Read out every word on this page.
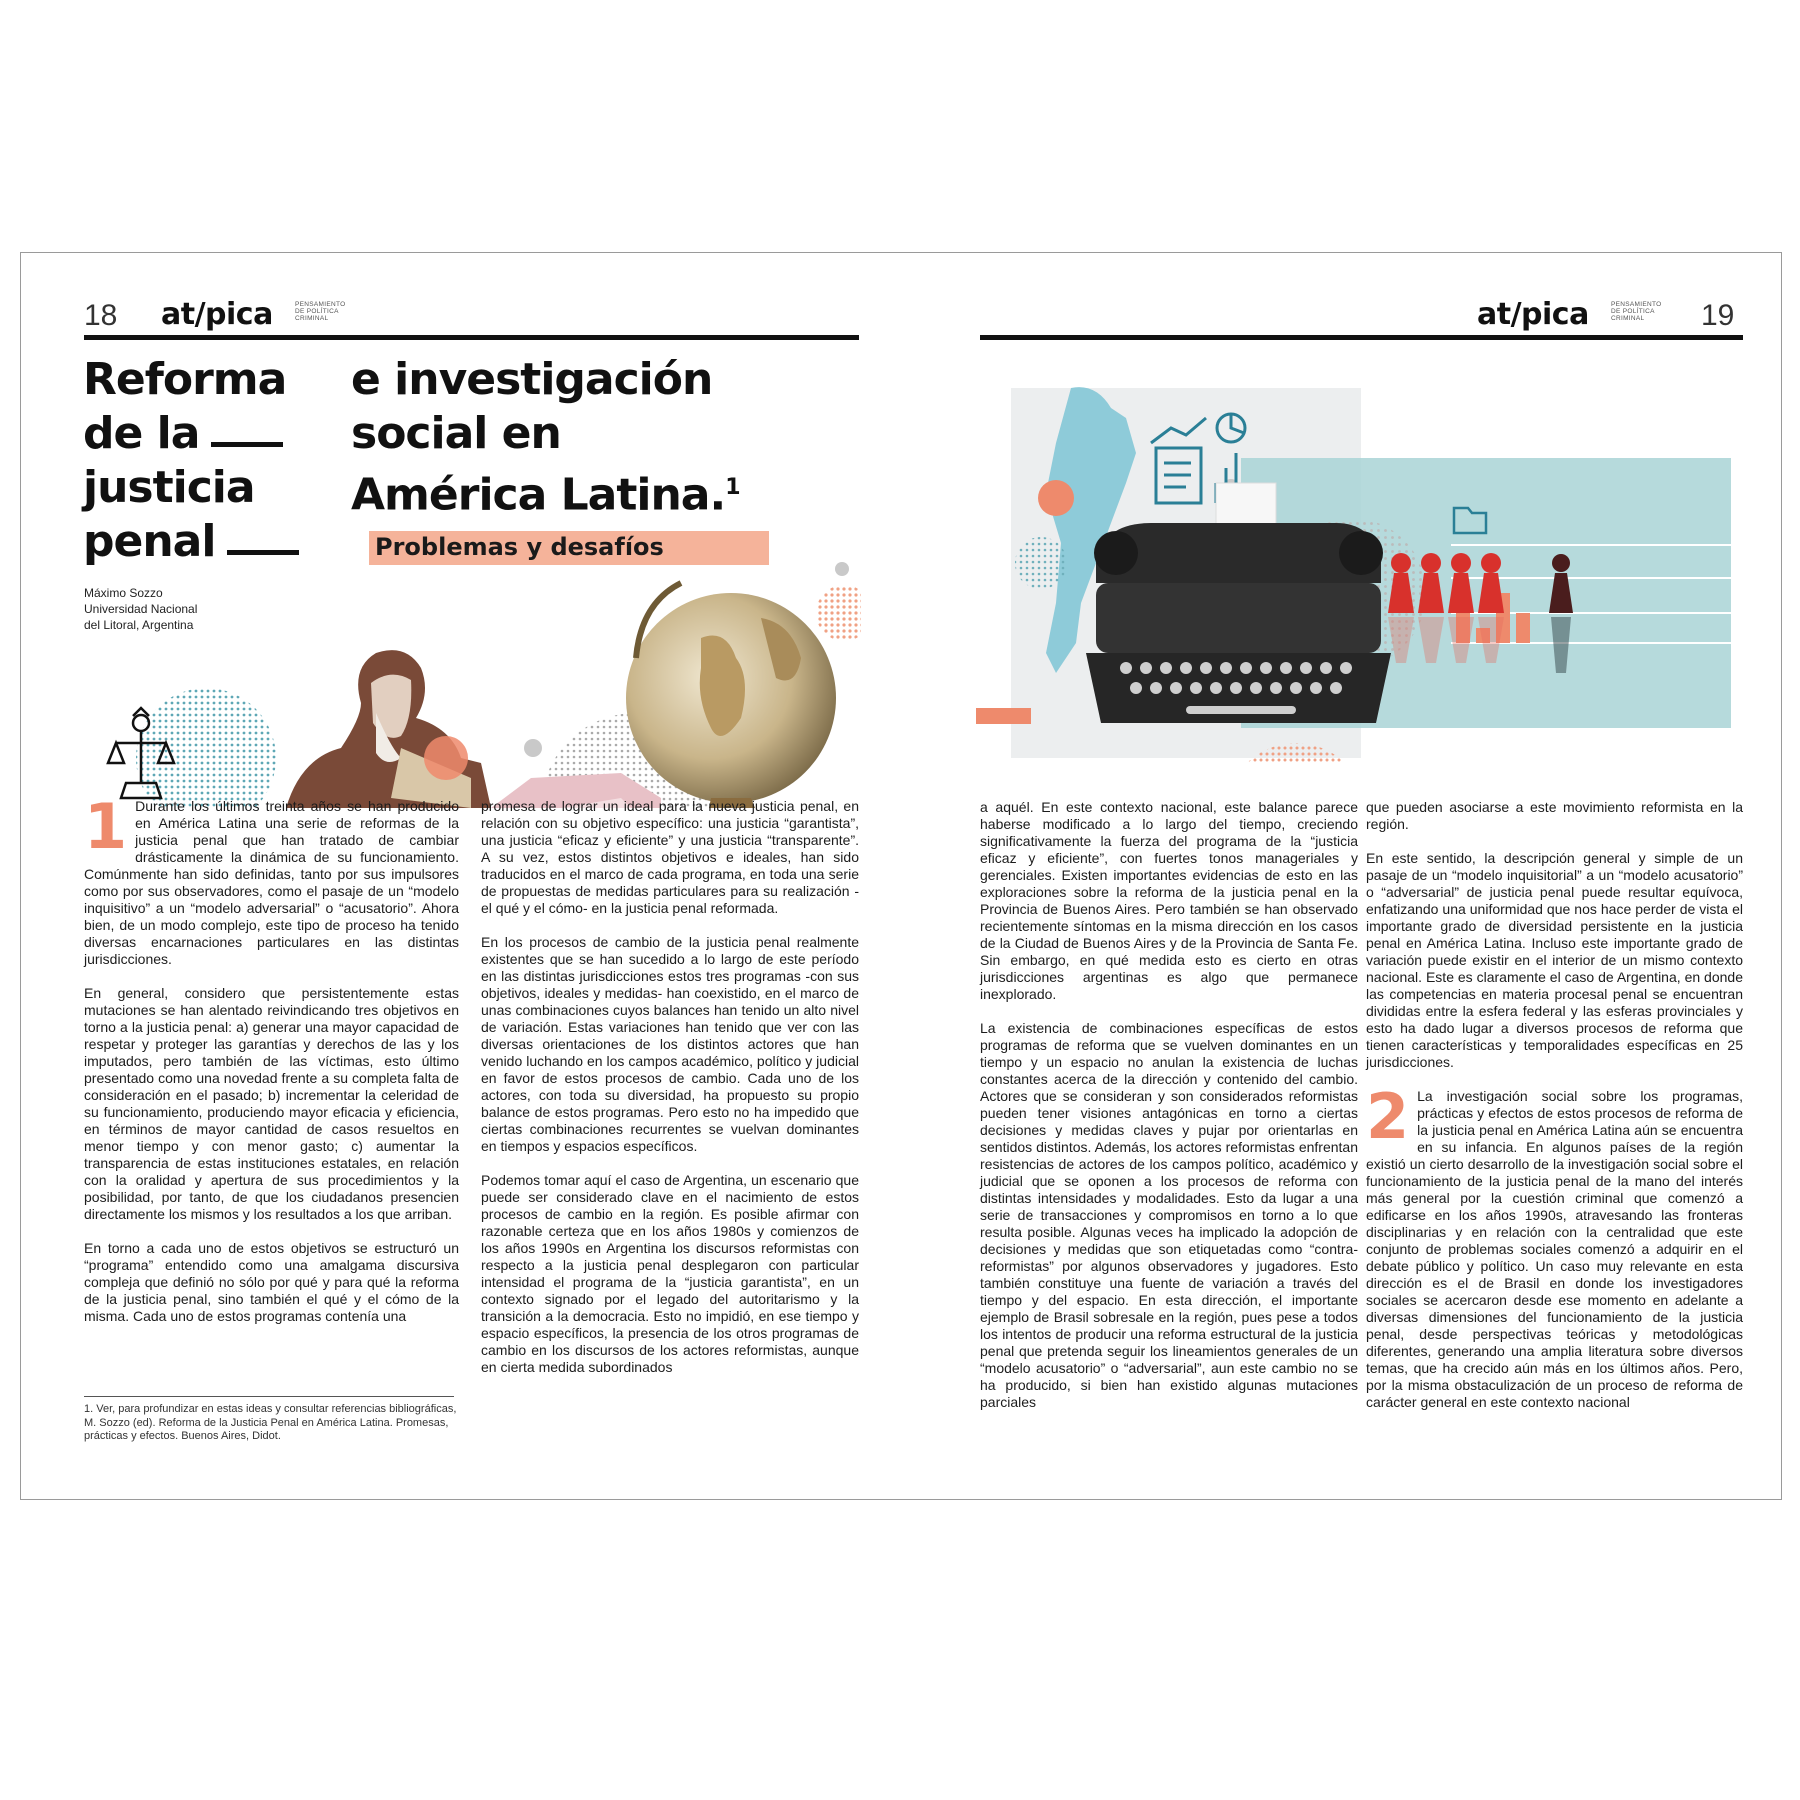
18 at/pica	PENSAMIENTO
DE POLÍTICA
CRIMINAL
Reforma
de la
justicia
penal
e investigación
social en
América Latina.$^1$
Problemas y desafíos
Máximo Sozzo
Universidad Nacional
del Litoral, Argentina

1 Durante los últimos treinta años se han producido en América Latina una serie de reformas de la justicia penal que han tratado de cambiar drásticamente la dinámica de su funcionamiento. Comúnmente han sido definidas, tanto por sus impulsores como por sus observadores, como el pasaje de un “modelo inquisitivo” a un “modelo adversarial” o “acusatorio”. Ahora bien, de un modo complejo, este tipo de proceso ha tenido diversas encarnaciones particulares en las distintas jurisdicciones.

En general, considero que persistentemente estas mutaciones se han alentado reivindicando tres objetivos en torno a la justicia penal: a) generar una mayor capacidad de respetar y proteger las garantías y derechos de las y los imputados, pero también de las víctimas, esto último presentado como una novedad frente a su completa falta de consideración en el pasado; b) incrementar la celeridad de su funcionamiento, produciendo mayor eficacia y eficiencia, en términos de mayor cantidad de casos resueltos en menor tiempo y con menor gasto; c) aumentar la transparencia de estas instituciones estatales, en relación con la oralidad y apertura de sus procedimientos y la posibilidad, por tanto, de que los ciudadanos presencien directamente los mismos y los resultados a los que arriban.

En torno a cada uno de estos objetivos se estructuró un “programa” entendido como una amalgama discursiva compleja que definió no sólo por qué y para qué la reforma de la justicia penal, sino también el qué y el cómo de la misma. Cada uno de estos programas contenía una

1. Ver, para profundizar en estas ideas y consultar referencias bibliográficas, M. Sozzo (ed). Reforma de la Justicia Penal en América Latina. Promesas, prácticas y efectos. Buenos Aires, Didot.

promesa de lograr un ideal para la nueva justicia penal, en relación con su objetivo específico: una justicia “garantista”, una justicia “eficaz y eficiente” y una justicia “transparente”. A su vez, estos distintos objetivos e ideales, han sido traducidos en el marco de cada programa, en toda una serie de propuestas de medidas particulares para su realización -el qué y el cómo- en la justicia penal reformada.

En los procesos de cambio de la justicia penal realmente existentes que se han sucedido a lo largo de este período en las distintas jurisdicciones estos tres programas -con sus objetivos, ideales y medidas- han coexistido, en el marco de unas combinaciones cuyos balances han tenido un alto nivel de variación. Estas variaciones han tenido que ver con las diversas orientaciones de los distintos actores que han venido luchando en los campos académico, político y judicial en favor de estos procesos de cambio. Cada uno de los actores, con toda su diversidad, ha propuesto su propio balance de estos programas. Pero esto no ha impedido que ciertas combinaciones recurrentes se vuelvan dominantes en tiempos y espacios específicos.

Podemos tomar aquí el caso de Argentina, un escenario que puede ser considerado clave en el nacimiento de estos procesos de cambio en la región. Es posible afirmar con razonable certeza que en los años 1980s y comienzos de los años 1990s en Argentina los discursos reformistas con respecto a la justicia penal desplegaron con particular intensidad el programa de la “justicia garantista”, en un contexto signado por el legado del autoritarismo y la transición a la democracia. Esto no impidió, en ese tiempo y espacio específicos, la presencia de los otros programas de cambio en los discursos de los actores reformistas, aunque en cierta medida subordinados

at/pica	PENSAMIENTO
DE POLÍTICA
CRIMINAL	19

a aquél. En este contexto nacional, este balance parece haberse modificado a lo largo del tiempo, creciendo significativamente la fuerza del programa de la “justicia eficaz y eficiente”, con fuertes tonos manageriales y gerenciales. Existen importantes evidencias de esto en las exploraciones sobre la reforma de la justicia penal en la Provincia de Buenos Aires. Pero también se han observado recientemente síntomas en la misma dirección en los casos de la Ciudad de Buenos Aires y de la Provincia de Santa Fe. Sin embargo, en qué medida esto es cierto en otras jurisdicciones argentinas es algo que permanece inexplorado.

La existencia de combinaciones específicas de estos programas de reforma que se vuelven dominantes en un tiempo y un espacio no anulan la existencia de luchas constantes acerca de la dirección y contenido del cambio. Actores que se consideran y son considerados reformistas pueden tener visiones antagónicas en torno a ciertas decisiones y medidas claves y pujar por orientarlas en sentidos distintos. Además, los actores reformistas enfrentan resistencias de actores de los campos político, académico y judicial que se oponen a los procesos de reforma con distintas intensidades y modalidades. Esto da lugar a una serie de transacciones y compromisos en torno a lo que resulta posible. Algunas veces ha implicado la adopción de decisiones y medidas que son etiquetadas como “contra-reformistas” por algunos observadores y jugadores. Esto también constituye una fuente de variación a través del tiempo y del espacio. En esta dirección, el importante ejemplo de Brasil sobresale en la región, pues pese a todos los intentos de producir una reforma estructural de la justicia penal que pretenda seguir los lineamientos generales de un “modelo acusatorio” o “adversarial”, aun este cambio no se ha producido, si bien han existido algunas mutaciones parciales

que pueden asociarse a este movimiento reformista en la región.

En este sentido, la descripción general y simple de un pasaje de un “modelo inquisitorial” a un “modelo acusatorio” o “adversarial” de justicia penal puede resultar equívoca, enfatizando una uniformidad que nos hace perder de vista el importante grado de diversidad persistente en la justicia penal en América Latina. Incluso este importante grado de variación puede existir en el interior de un mismo contexto nacional. Este es claramente el caso de Argentina, en donde las competencias en materia procesal penal se encuentran divididas entre la esfera federal y las esferas provinciales y esto ha dado lugar a diversos procesos de reforma que tienen características y temporalidades específicas en 25 jurisdicciones.

2 La investigación social sobre los programas, prácticas y efectos de estos procesos de reforma de la justicia penal en América Latina aún se encuentra en su infancia. En algunos países de la región existió un cierto desarrollo de la investigación social sobre el funcionamiento de la justicia penal de la mano del interés más general por la cuestión criminal que comenzó a edificarse en los años 1990s, atravesando las fronteras disciplinarias y en relación con la centralidad que este conjunto de problemas sociales comenzó a adquirir en el debate público y político. Un caso muy relevante en esta dirección es el de Brasil en donde los investigadores sociales se acercaron desde ese momento en adelante a diversas dimensiones del funcionamiento de la justicia penal, desde perspectivas teóricas y metodológicas diferentes, generando una amplia literatura sobre diversos temas, que ha crecido aún más en los últimos años. Pero, por la misma obstaculización de un proceso de reforma de carácter general en este contexto nacional
